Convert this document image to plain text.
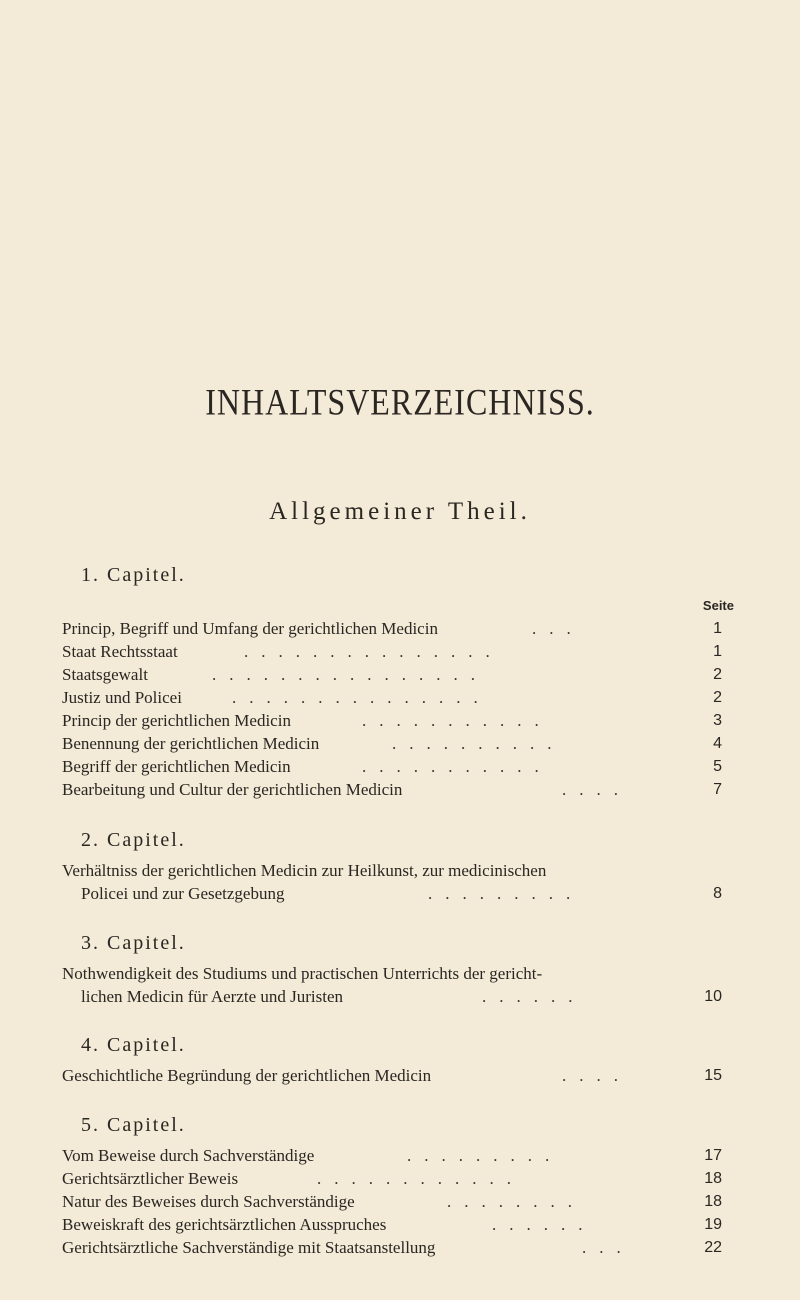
INHALTSVERZEICHNISS.
Allgemeiner Theil.
Seite
1. Capitel.
Princip, Begriff und Umfang der gerichtlichen Medicin	...	1
Staat Rechtsstaat	...............	1
Staatsgewalt	................	2
Justiz und Policei	...............	2
Princip der gerichtlichen Medicin	...........	3
Benennung der gerichtlichen Medicin	..........	4
Begriff der gerichtlichen Medicin	...........	5
Bearbeitung und Cultur der gerichtlichen Medicin	....	7
2. Capitel.
Verhältniss der gerichtlichen Medicin zur Heilkunst, zur medicinischen
Policei und zur Gesetzgebung	.........	8
3. Capitel.
Nothwendigkeit des Studiums und practischen Unterrichts der gericht-
lichen Medicin für Aerzte und Juristen	......	10
4. Capitel.
Geschichtliche Begründung der gerichtlichen Medicin	....	15
5. Capitel.
Vom Beweise durch Sachverständige	.........	17
Gerichtsärztlicher Beweis	............	18
Natur des Beweises durch Sachverständige	........	18
Beweiskraft des gerichtsärztlichen Ausspruches	......	19
Gerichtsärztliche Sachverständige mit Staatsanstellung	...	22
